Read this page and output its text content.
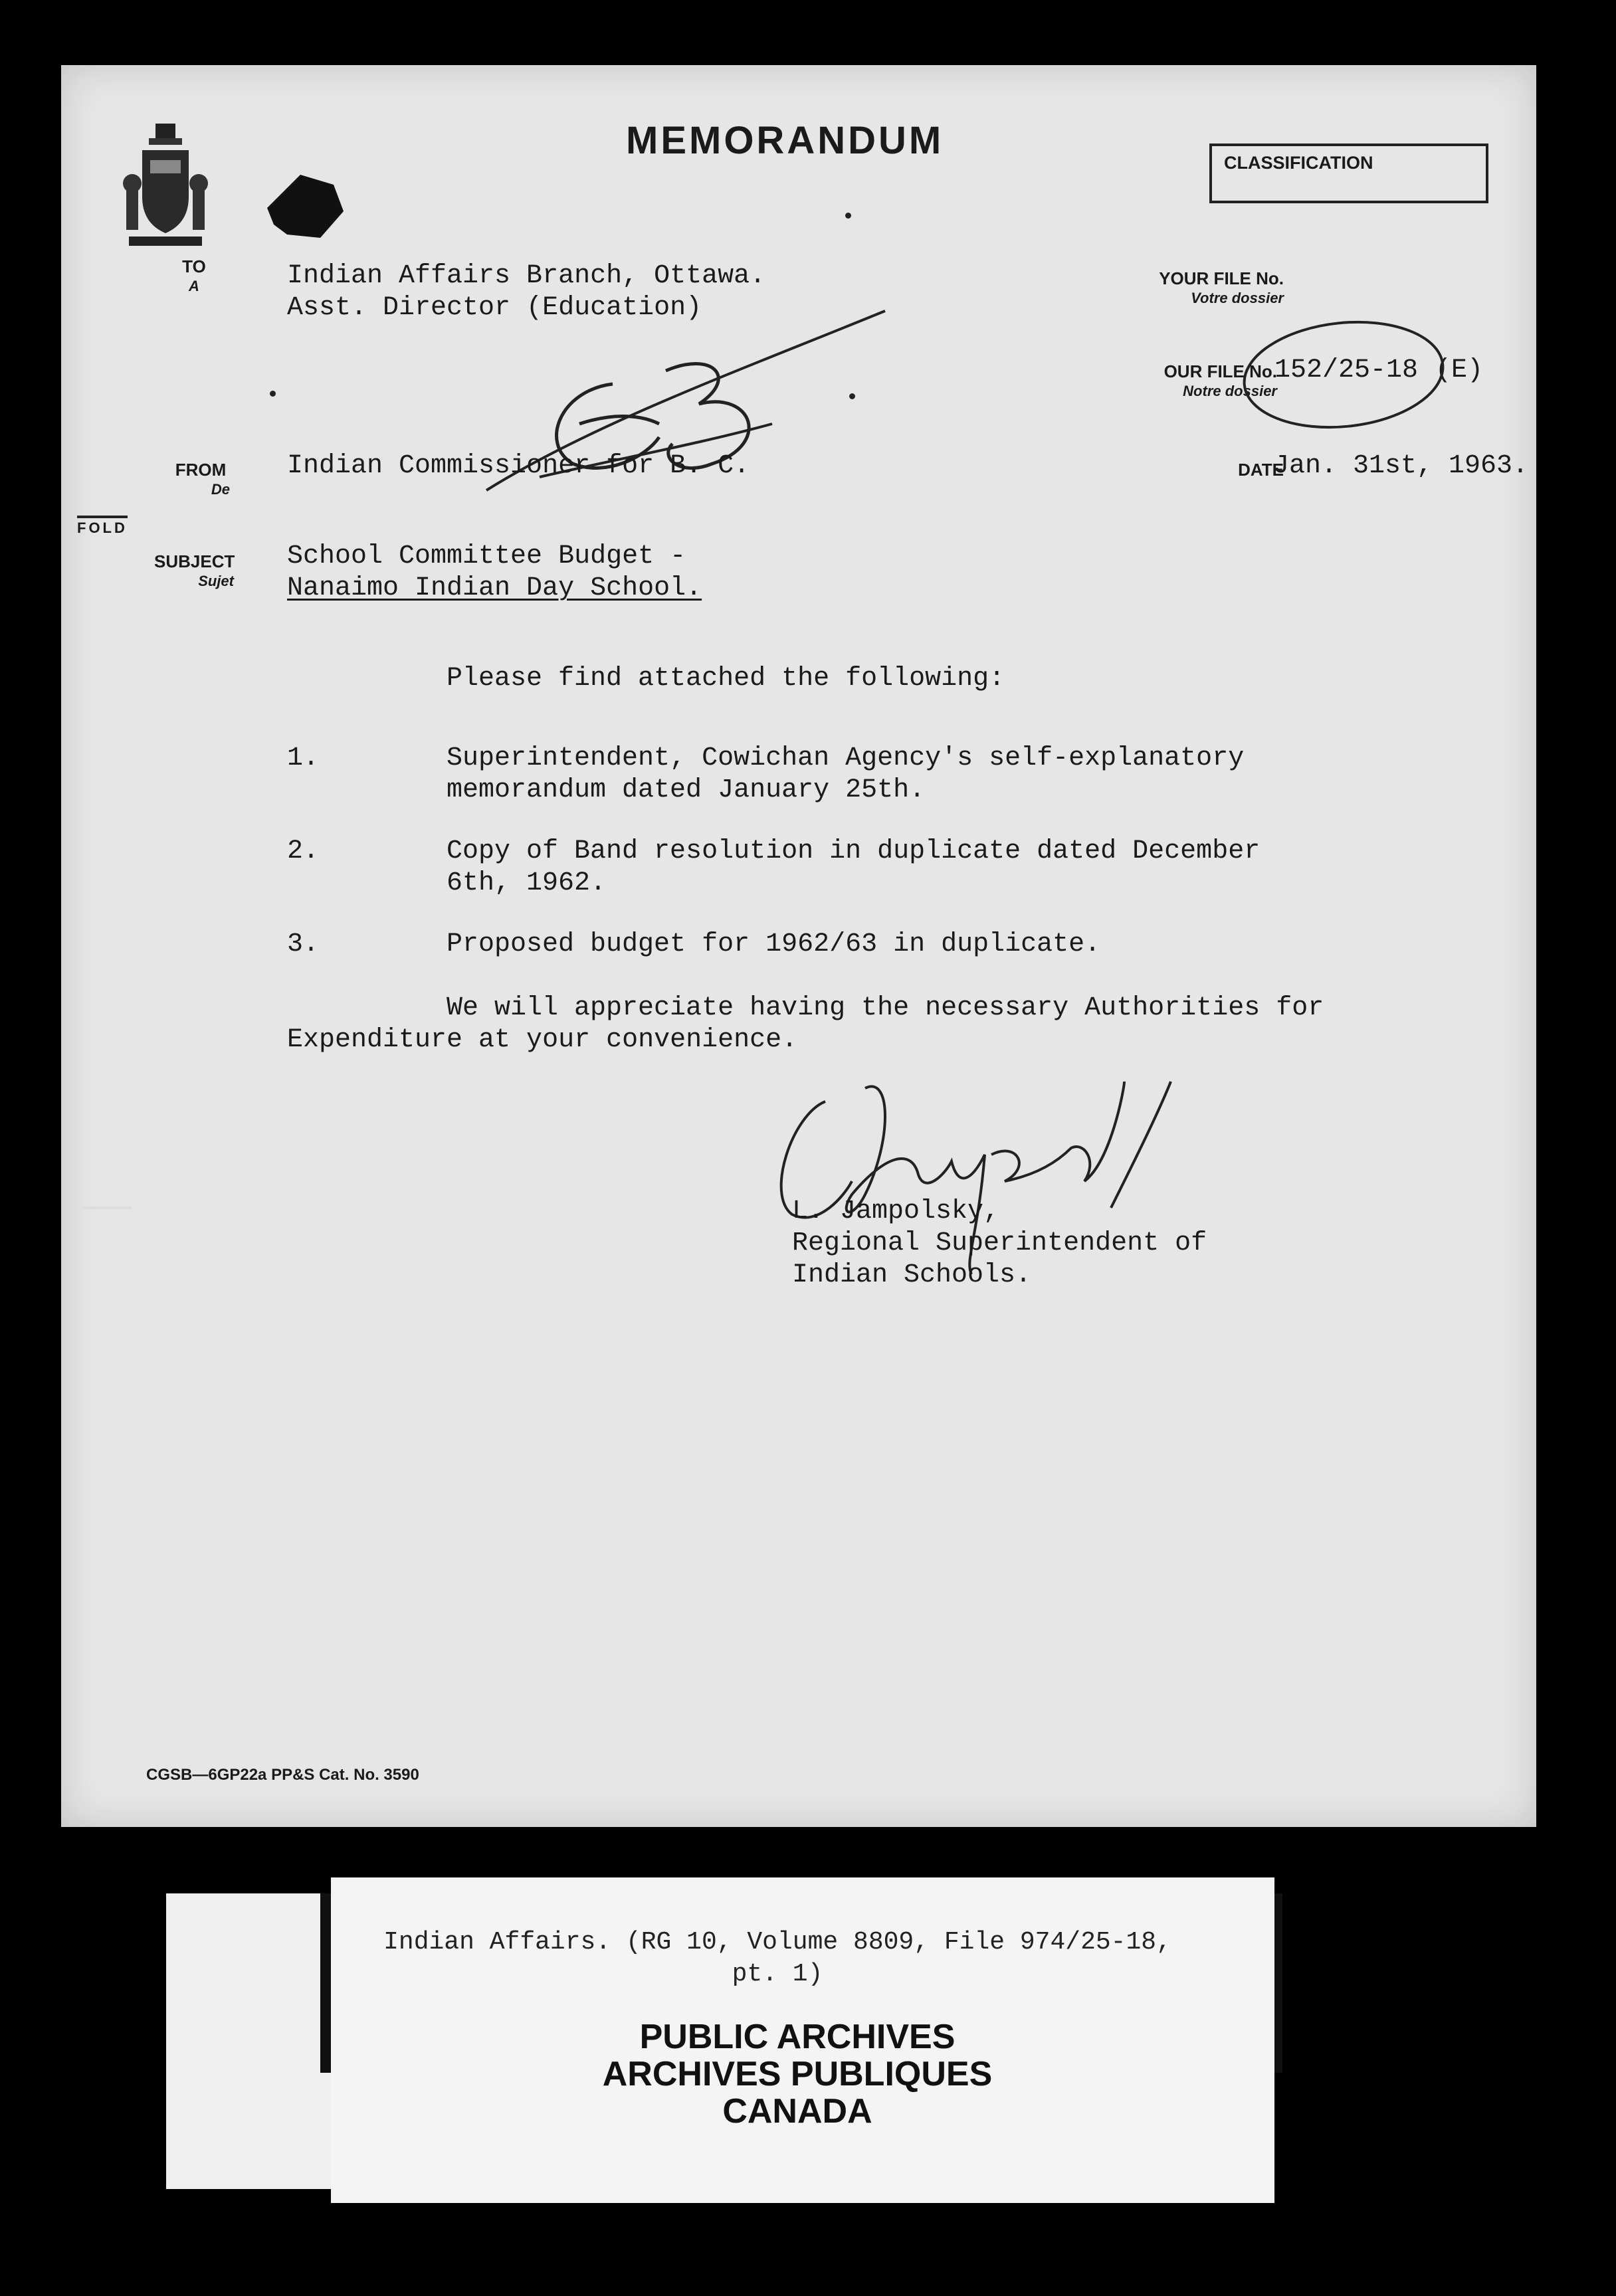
MEMORANDUM
CLASSIFICATION
TO
A	Indian Affairs Branch, Ottawa.
Asst. Director (Education)
YOUR FILE No.
Votre dossier
OUR FILE No.
Notre dossier
152/25-18 (E)
FROM
De
Indian Commissioner for B. C.	DATE
Jan. 31st, 1963.
FOLD
SUBJECT
Sujet
School Committee Budget -
Nanaimo Indian Day School.
Please find attached the following:
1.	Superintendent, Cowichan Agency's self-explanatory
memorandum dated January 25th.
2.	Copy of Band resolution in duplicate dated December
6th, 1962.
3.	Proposed budget for 1962/63 in duplicate.
We will appreciate having the necessary Authorities for
Expenditure at your convenience.
L. Jampolsky,
Regional Superintendent of
Indian Schools.
CGSB—6GP22a PP&S Cat. No. 3590
Indian Affairs. (RG 10, Volume 8809, File 974/25-18,
pt. 1)
PUBLIC ARCHIVES
ARCHIVES PUBLIQUES
CANADA
